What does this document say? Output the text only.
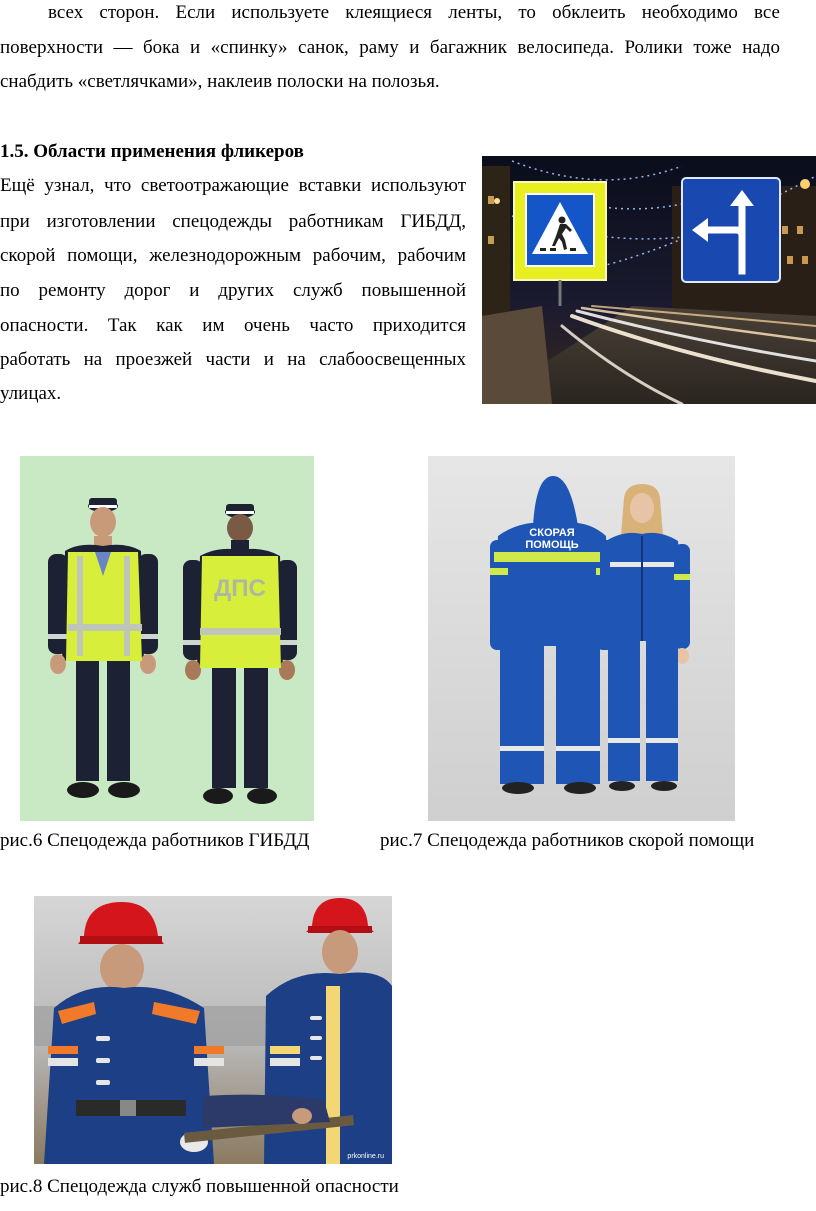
всех сторон. Если используете клеящиеся ленты, то обклеить необходимо все
поверхности — бока и «спинку» санок, раму и багажник велосипеда. Ролики тоже надо
снабдить «светлячками», наклеив полоски на полозья.
1.5. Области применения фликеров
Ещё узнал, что светоотражающие вставки используют
при изготовлении спецодежды работникам ГИБДД,
скорой помощи, железнодорожным рабочим, рабочим
по ремонту дорог и других служб повышенной
опасности. Так как им очень часто приходится
работать на проезжей части и на слабоосвещенных
улицах.
ДПС
СКОРАЯ
ПОМОЩЬ
рис.6 Спецодежда работников ГИБДД	рис.7 Спецодежда работников скорой помощи
prkonline.ru
рис.8 Спецодежда служб повышенной опасности
